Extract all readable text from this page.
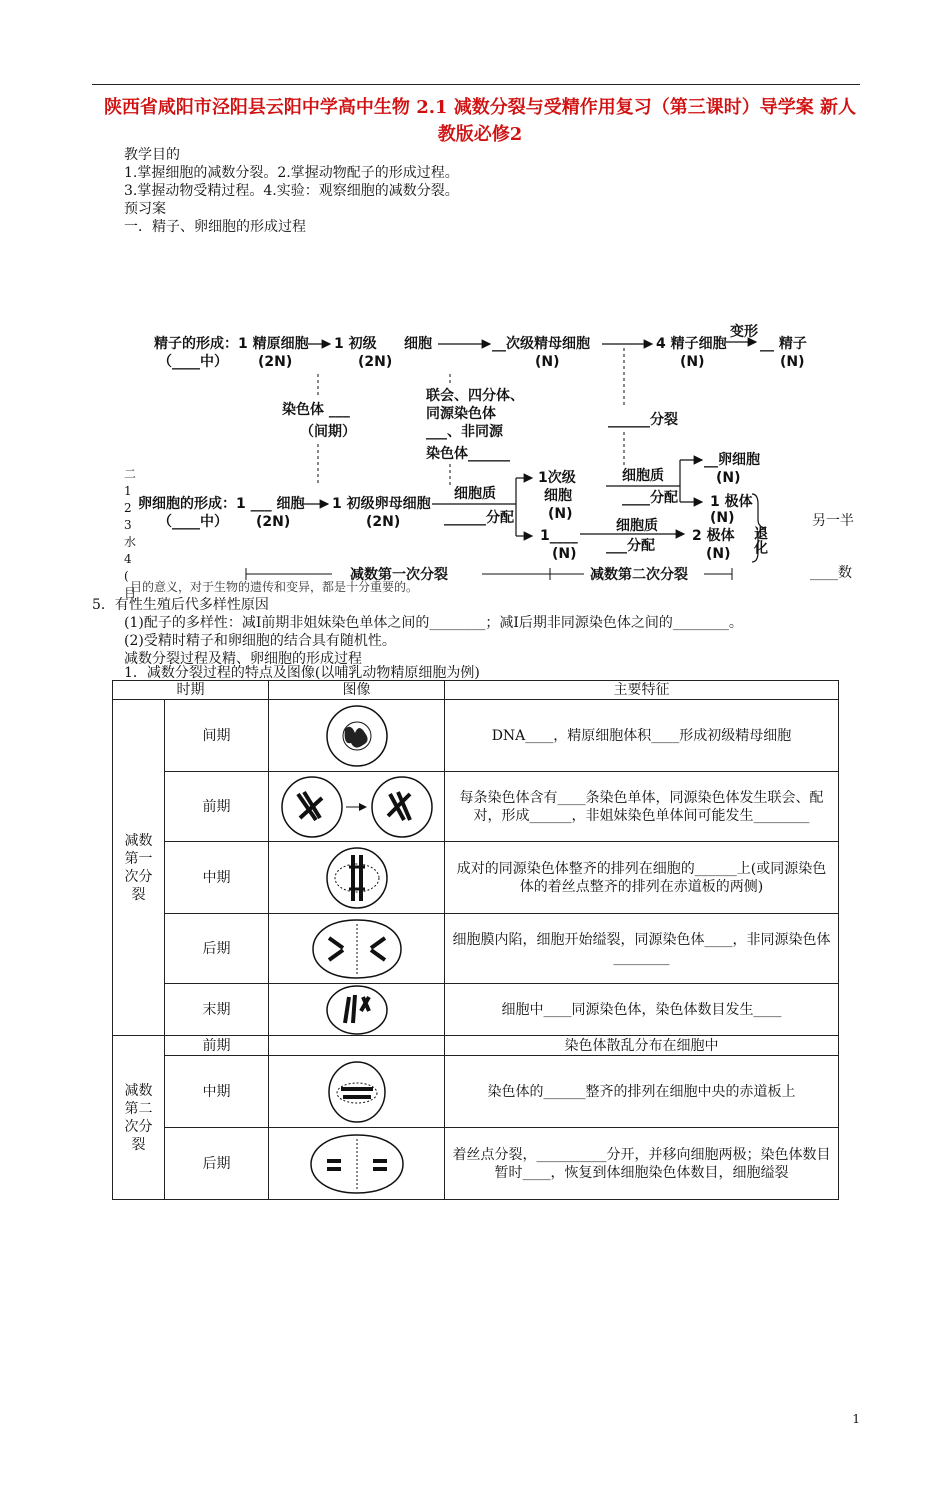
陕西省咸阳市泾阳县云阳中学高中生物 2.1 减数分裂与受精作用复习（第三课时）导学案 新人教版必修2
教学目的
1.掌握细胞的减数分裂。2.掌握动物配子的形成过程。
3.掌握动物受精过程。4.实验：观察细胞的减数分裂。
预习案
一．精子、卵细胞的形成过程
精子的形成：1 精原细胞
(2N)
（____中）
1 初级 细胞
(2N)
__次级精母细胞
(N)
4 精子细胞
(N)
变形
__ 精子
(N)
染色体 ___
（间期）
联会、四分体、
同源染色体
___、非同源
染色体______
______分裂
卵细胞的形成：1 ___ 细胞
(2N)
（____中）
1 初级卵母细胞
(2N)
细胞质
______分配
1次级
细胞
(N)
1____
(N)
细胞质
____分配
__卵细胞
(N)
1 极体
(N)
细胞质
___分配
2 极体
(N) 退化
减数第一次分裂	减数第二次分裂
二
1
2
3
水
4
(
目
另一半
____数
目的意义，对于生物的遗传和变异，都是十分重要的。
5．有性生殖后代多样性原因
(1)配子的多样性：减Ⅰ前期非姐妹染色单体之间的________；减Ⅰ后期非同源染色体之间的________。
(2)受精时精子和卵细胞的结合具有随机性。
减数分裂过程及精、卵细胞的形成过程
1．减数分裂过程的特点及图像(以哺乳动物精原细胞为例)
时期		图像	主要特征
减数第一次分裂	间期		DNA____，精原细胞体积____形成初级精母细胞
	前期		每条染色体含有____条染色单体，同源染色体发生联会、配对，形成______，非姐妹染色单体间可能发生________
	中期		成对的同源染色体整齐的排列在细胞的______上(或同源染色体的着丝点整齐的排列在赤道板的两侧)
	后期		细胞膜内陷，细胞开始缢裂，同源染色体____，非同源染色体________
	末期		细胞中____同源染色体，染色体数目发生____
减数第二次分裂	前期		染色体散乱分布在细胞中
	中期		染色体的______整齐的排列在细胞中央的赤道板上
	后期		着丝点分裂，__________分开，并移向细胞两极；染色体数目暂时____，恢复到体细胞染色体数目，细胞缢裂
1
